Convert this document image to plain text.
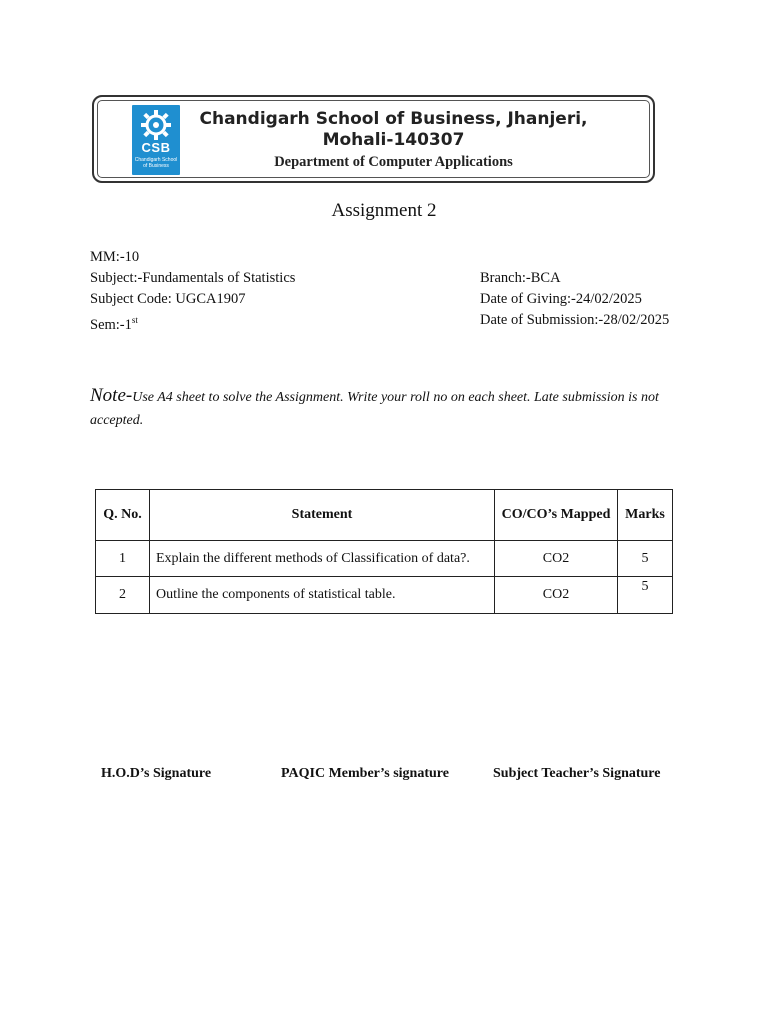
CSB
Chandigarh School of Business
Chandigarh School of Business, Jhanjeri,
Mohali-140307
Department of Computer Applications
Assignment 2
MM:-10
Subject:-Fundamentals of Statistics
Subject Code: UGCA1907
Sem:-1st
Branch:-BCA
Date of Giving:-24/02/2025
Date of Submission:-28/02/2025
Note-Use A4 sheet to solve the Assignment. Write your roll no on each sheet. Late submission is not accepted.
Q. No.	Statement	CO/CO’s Mapped	Marks
1	Explain the different methods of Classification of data?.	CO2	5
2	Outline the components of statistical table.	CO2	5
H.O.D’s Signature	PAQIC Member’s signature	Subject Teacher’s Signature
